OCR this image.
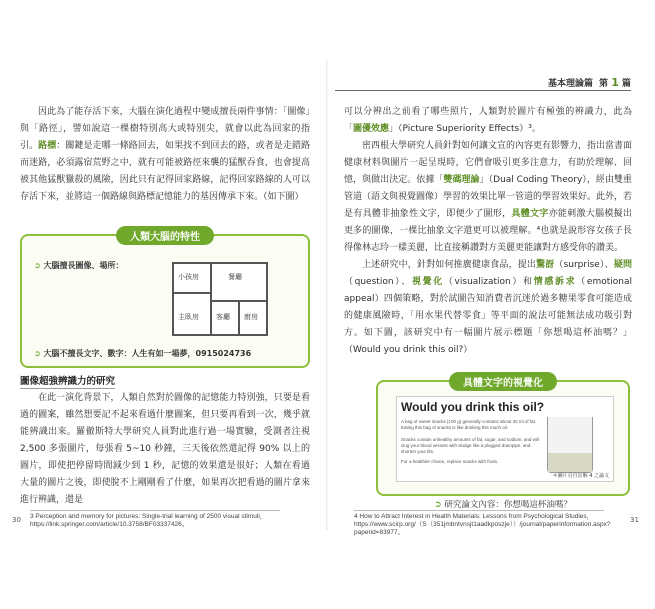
基本理論篇 第 1 篇

因此為了能存活下來，大腦在演化過程中變成擅長兩件事情：「圖像」與「路徑」，譬如說這一棵樹特別高大或特別尖，就會以此為回家的指引。路標：關鍵是走哪一條路回去，如果找不到回去的路，或者是走錯路而迷路，必須露宿荒野之中，就有可能被路徑來襲的猛獸吞食，也會提高被其他猛獸獵殺的風險，因此只有記得回家路線，記得回家路線的人可以存活下來，並將這一個路線與路標記憶能力的基因傳承下來。（如下圖）

人類大腦的特性
➲ 大腦擅長圖像、場所：
小孩房	餐廳
主臥房 客廳 廚房
➲ 大腦不擅長文字、數字：人生有如一場夢，0915024736
圖像超強辨識力的研究

在此一演化背景下，人類自然對於圖像的記憶能力特別強，只要是看過的圖案，雖然想要記不起來看過什麼圖案，但只要再看到一次，幾乎就能辨識出來。羅徹斯特大學研究人員對此進行過一場實驗，受測者注視 2,500 多張圖片，每張看 5~10 秒鐘，三天後依然還記得 90% 以上的圖片，即使把停留時間減少到 1 秒，記憶的效果還是很好；人類在看過大量的圖片之後，即使脫不上剛剛看了什麼，如果再次把看過的圖片拿來進行辨識，還是

3 Perception and memory for pictures: Single-trial learning of 2500 visual stimuli，https://link.springer.com/article/10.3758/BF03337426。
30

可以分辨出之前看了哪些照片，人類對於圖片有極強的辨識力，此為「圖優效應」（Picture Superiority Effects）³。

密西根大學研究人員針對如何讓文宣的內容更有影響力，指出當書面健康材料與圖片一起呈現時，它們會吸引更多注意力，有助於理解、回憶，與做出決定。依據「雙碼理論」（Dual Coding Theory），經由雙重管道（語文與視覺圖像）學習的效果比單一管道的學習效果好。此外，若是有具體非抽象性文字，即便少了圖形，具體文字亦能刺激大腦模擬出更多的圖像，一棵比抽象文字還更可以被理解。⁴也就是說形容女孩子長得像林志玲一樣美麗，比直接稱讚對方美麗更能讓對方感受你的讚美。

上述研究中，針對如何推廣健康食品，提出驚訝（surprise）、疑問（question）、視覺化（visualization）和情感訴求（emotional appeal）四個策略，對於試圖告知消費者沉迷於過多糖果零食可能造成的健康風險時，「用水果代替零食」等平面的說法可能無法成功吸引對方。如下圖，該研究中有一幅圖片展示標題「你想喝這杯油嗎？」（Would you drink this oil?）

具體文字的視覺化
Would you drink this oil?
A bag of sweet snacks (100 g) generally contains about 30 ml of fat. Eating this bag of snacks is like drinking this much oil.
Snacks contain unhealthy amounts of fat, sugar, and sodium, and will clog your blood vessels with sludge like a plugged drainpipe, and shorten your life.
For a healthier choice, replace snacks with fruits.
＊圖片引自註解 4 之論文
➲ 研究論文內容：你想喝這杯油嗎？
4 How to Attract Interest in Health Materials: Lessons from Psychological Studies，https://www.scirp.org/（S（351jmbntvnsjt1aadkposzje））/journal/paperinformation.aspx?paperid=83977。
31
